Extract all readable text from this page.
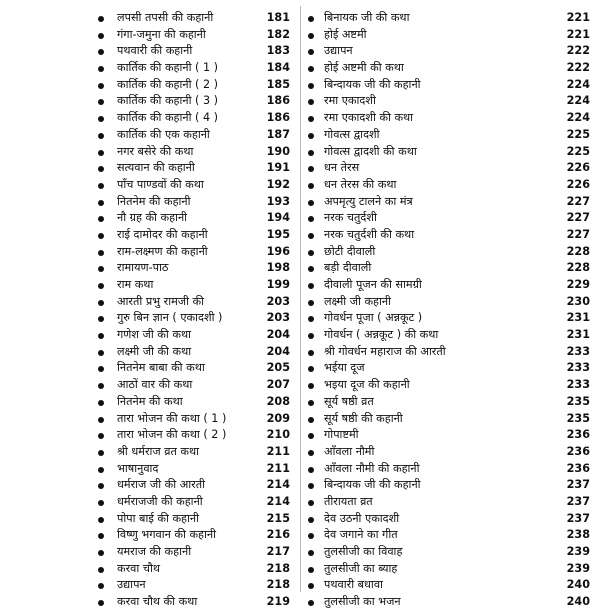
लपसी तपसी की कहानी	181
गंगा-जमुना की कहानी	182
पथवारी की कहानी	183
कार्तिक की कहानी ( 1 )	184
कार्तिक की कहानी ( 2 )	185
कार्तिक की कहानी ( 3 )	186
कार्तिक की कहानी ( 4 )	186
कार्तिक की एक कहानी	187
नगर बसेरे की कथा	190
सत्यवान की कहानी	191
पाँच पाण्डवों की कथा	192
नितनेम की कहानी	193
नौ ग्रह की कहानी	194
राई दामोदर की कहानी	195
राम-लक्ष्मण की कहानी	196
रामायण-पाठ	198
राम कथा	199
आरती प्रभु रामजी की	203
गुरु बिन ज्ञान ( एकादशी )	203
गणेश जी की कथा	204
लक्ष्मी जी की कथा	204
नितनेम बाबा की कथा	205
आठों वार की कथा	207
नितनेम की कथा	208
तारा भोजन की कथा ( 1 )	209
तारा भोजन की कथा ( 2 )	210
श्री धर्मराज व्रत कथा	211
भाषानुवाद	211
धर्मराज जी की आरती	214
धर्मराजजी की कहानी	214
पोपा बाई की कहानी	215
विष्णु भगवान की कहानी	216
यमराज की कहानी	217
करवा चौथ	218
उद्यापन	218
करवा चौथ की कथा	219
बिनायक जी की कथा	221
होई अष्टमी	221
उद्यापन	222
होई अष्टमी की कथा	222
बिन्दायक जी की कहानी	224
रमा एकादशी	224
रमा एकादशी की कथा	224
गोवत्स द्वादशी	225
गोवत्स द्वादशी की कथा	225
धन तेरस	226
धन तेरस की कथा	226
अपमृत्यु टालने का मंत्र	227
नरक चतुर्दशी	227
नरक चतुर्दशी की कथा	227
छोटी दीवाली	228
बड़ी दीवाली	228
दीवाली पूजन की सामग्री	229
लक्ष्मी जी कहानी	230
गोवर्धन पूजा ( अन्नकूट )	231
गोवर्धन ( अन्नकूट ) की कथा	231
श्री गोवर्धन महाराज की आरती	233
भईया दूज	233
भइया दूज की कहानी	233
सूर्य षष्ठी व्रत	235
सूर्य षष्ठी की कहानी	235
गोपाष्टमी	236
आँवला नौमी	236
आँवला नौमी की कहानी	236
बिन्दायक जी की कहानी	237
तीरायता व्रत	237
देव उठनी एकादशी	237
देव जगाने का गीत	238
तुलसीजी का विवाह	239
तुलसीजी का ब्याह	239
पथवारी बधावा	240
तुलसीजी का भजन	240
